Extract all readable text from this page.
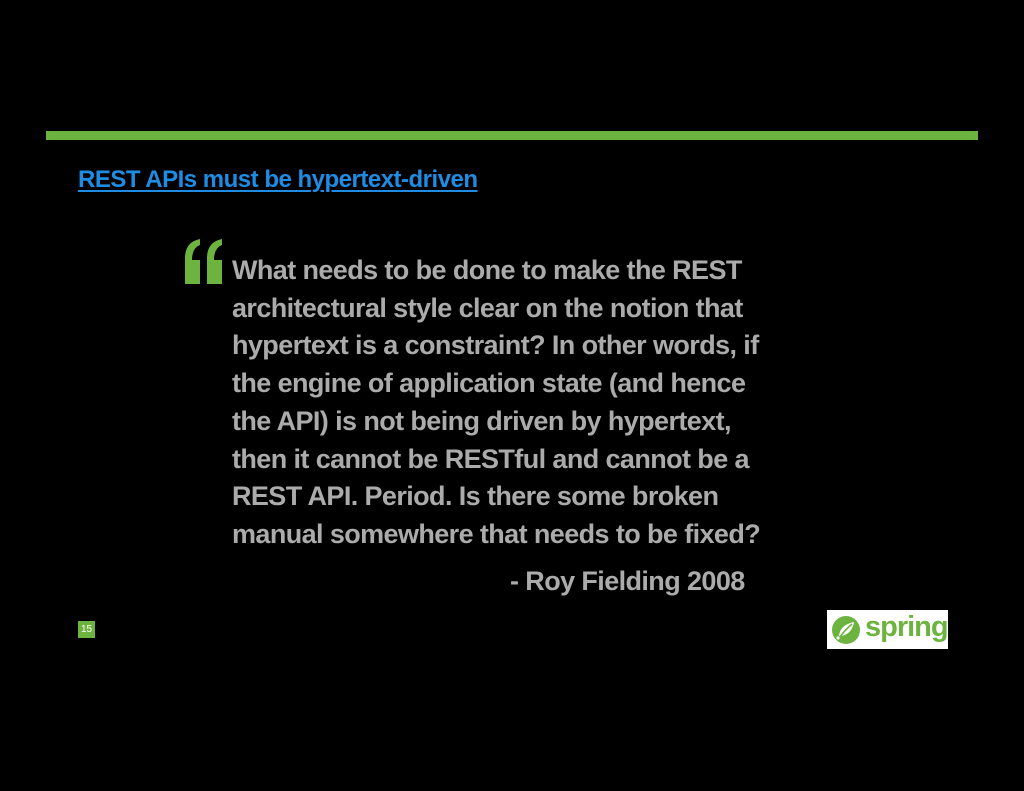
REST APIs must be hypertext-driven
What needs to be done to make the REST
architectural style clear on the notion that
hypertext is a constraint? In other words, if
the engine of application state (and hence
the API) is not being driven by hypertext,
then it cannot be RESTful and cannot be a
REST API. Period. Is there some broken
manual somewhere that needs to be fixed?
- Roy Fielding 2008
15	spring
